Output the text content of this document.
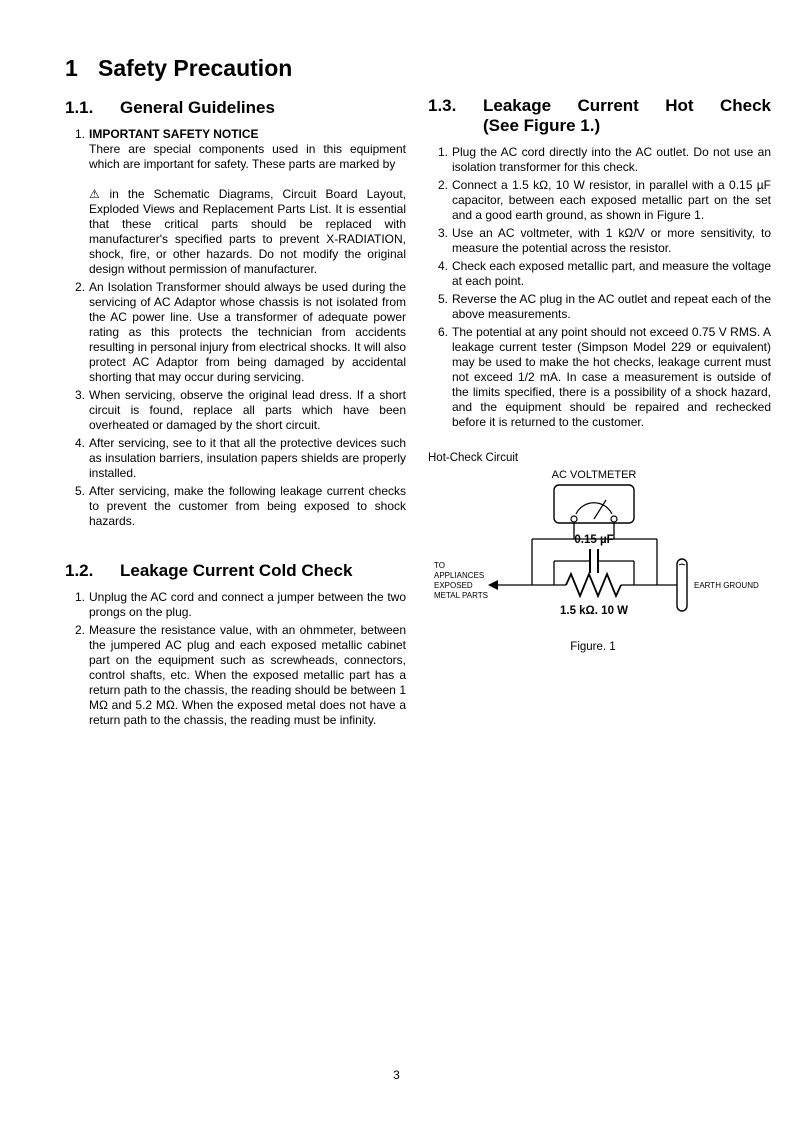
1 Safety Precaution
1.1.	General Guidelines
1. IMPORTANT SAFETY NOTICE
There are special components used in this equipment which are important for safety. These parts are marked by
⚠ in the Schematic Diagrams, Circuit Board Layout, Exploded Views and Replacement Parts List. It is essential that these critical parts should be replaced with manufacturer's specified parts to prevent X-RADIATION, shock, fire, or other hazards. Do not modify the original design without permission of manufacturer.
2. An Isolation Transformer should always be used during the servicing of AC Adaptor whose chassis is not isolated from the AC power line. Use a transformer of adequate power rating as this protects the technician from accidents resulting in personal injury from electrical shocks. It will also protect AC Adaptor from being damaged by accidental shorting that may occur during servicing.
3. When servicing, observe the original lead dress. If a short circuit is found, replace all parts which have been overheated or damaged by the short circuit.
4. After servicing, see to it that all the protective devices such as insulation barriers, insulation papers shields are properly installed.
5. After servicing, make the following leakage current checks to prevent the customer from being exposed to shock hazards.
1.2.	Leakage Current Cold Check
1. Unplug the AC cord and connect a jumper between the two prongs on the plug.
2. Measure the resistance value, with an ohmmeter, between the jumpered AC plug and each exposed metallic cabinet part on the equipment such as screwheads, connectors, control shafts, etc. When the exposed metallic part has a return path to the chassis, the reading should be between 1 MΩ and 5.2 MΩ. When the exposed metal does not have a return path to the chassis, the reading must be infinity.
1.3.	Leakage Current Hot Check
(See Figure 1.)
1. Plug the AC cord directly into the AC outlet. Do not use an isolation transformer for this check.
2. Connect a 1.5 kΩ, 10 W resistor, in parallel with a 0.15 µF capacitor, between each exposed metallic part on the set and a good earth ground, as shown in Figure 1.
3. Use an AC voltmeter, with 1 kΩ/V or more sensitivity, to measure the potential across the resistor.
4. Check each exposed metallic part, and measure the voltage at each point.
5. Reverse the AC plug in the AC outlet and repeat each of the above measurements.
6. The potential at any point should not exceed 0.75 V RMS. A leakage current tester (Simpson Model 229 or equivalent) may be used to make the hot checks, leakage current must not exceed 1/2 mA. In case a measurement is outside of the limits specified, there is a possibility of a shock hazard, and the equipment should be repaired and rechecked before it is returned to the customer.
Hot-Check Circuit
AC VOLTMETER
0.15 µF
1.5 kΩ. 10 W
TO
APPLIANCES
EXPOSED
METAL PARTS
EARTH GROUND
Figure. 1
3
